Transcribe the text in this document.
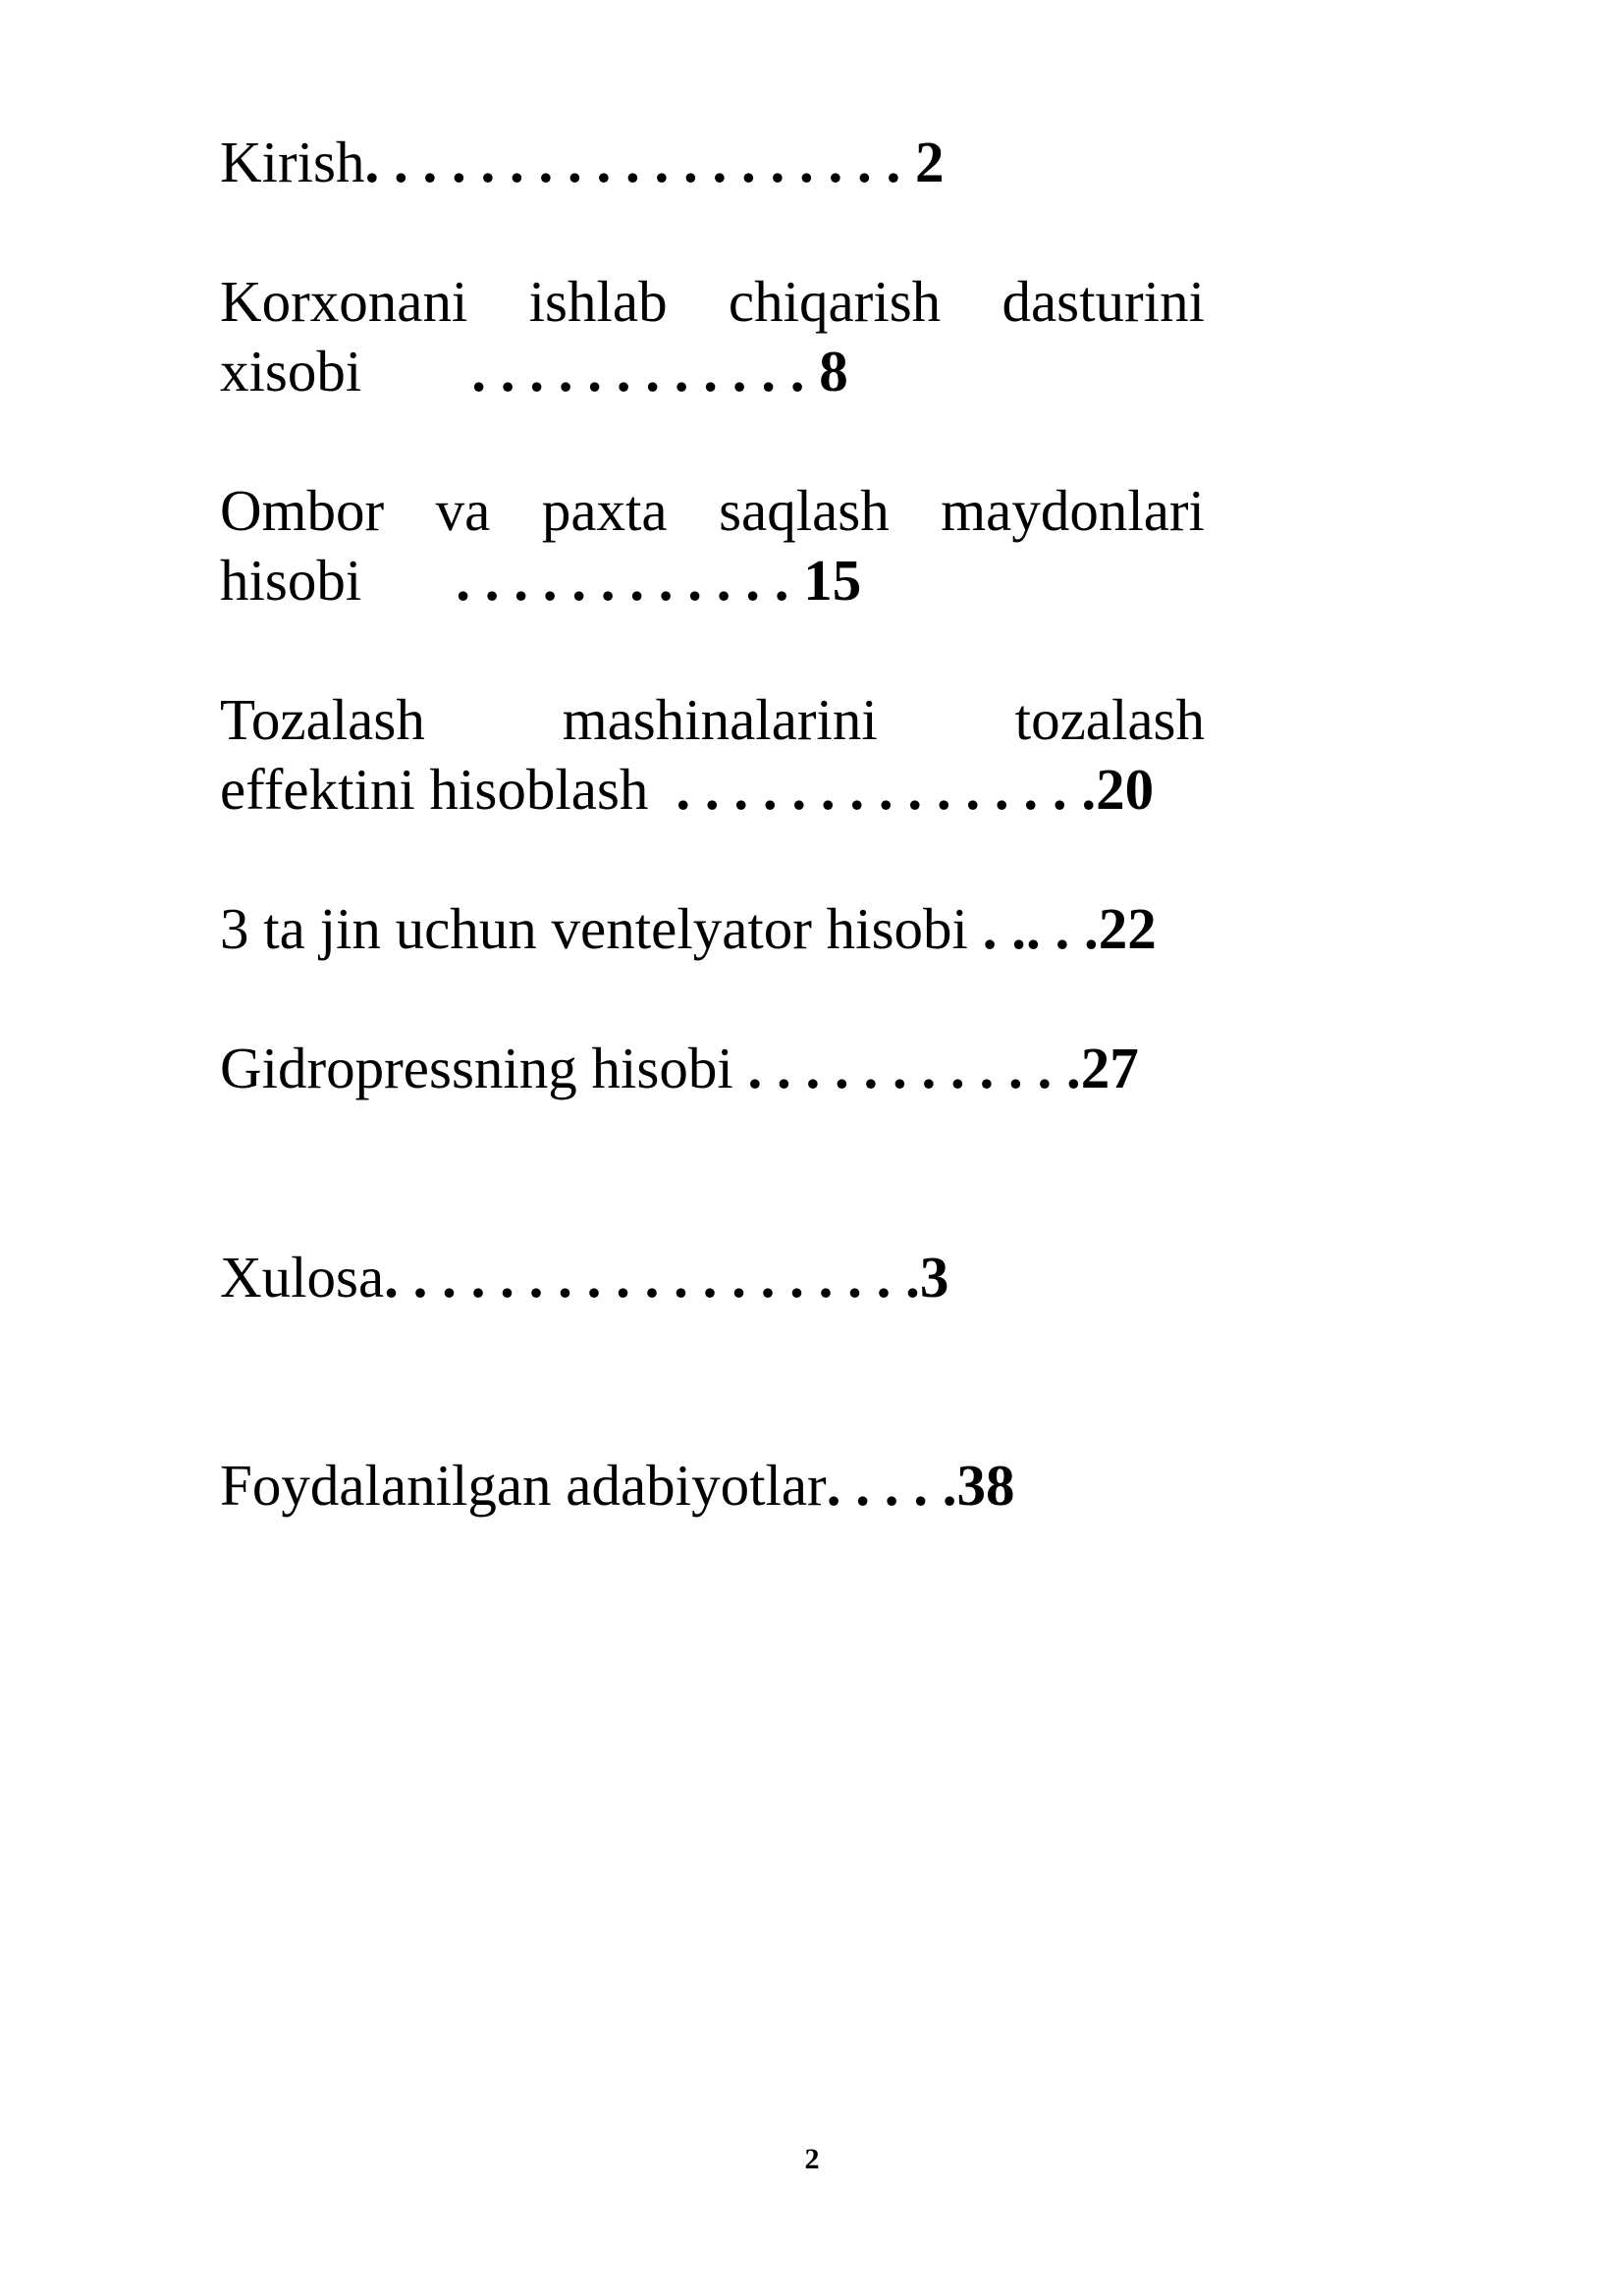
Kirish. . . . . . . . . . . . . . . . . . . 2
Korxonani ishlab chiqarish dasturini
xisobi . . . . . . . . . . . . 8
Ombor va paxta saqlash maydonlari
hisobi . . . . . . . . . . . . 15
Tozalash mashinalarini tozalash
effektini hisoblash . . . . . . . . . . . . . . .20
3 ta jin uchun ventelyator hisobi . .. . .22
Gidropressning hisobi . . . . . . . . . . . .27
Xulosa. . . . . . . . . . . . . . . . . . .3
Foydalanilgan adabiyotlar. . . . .38
2
